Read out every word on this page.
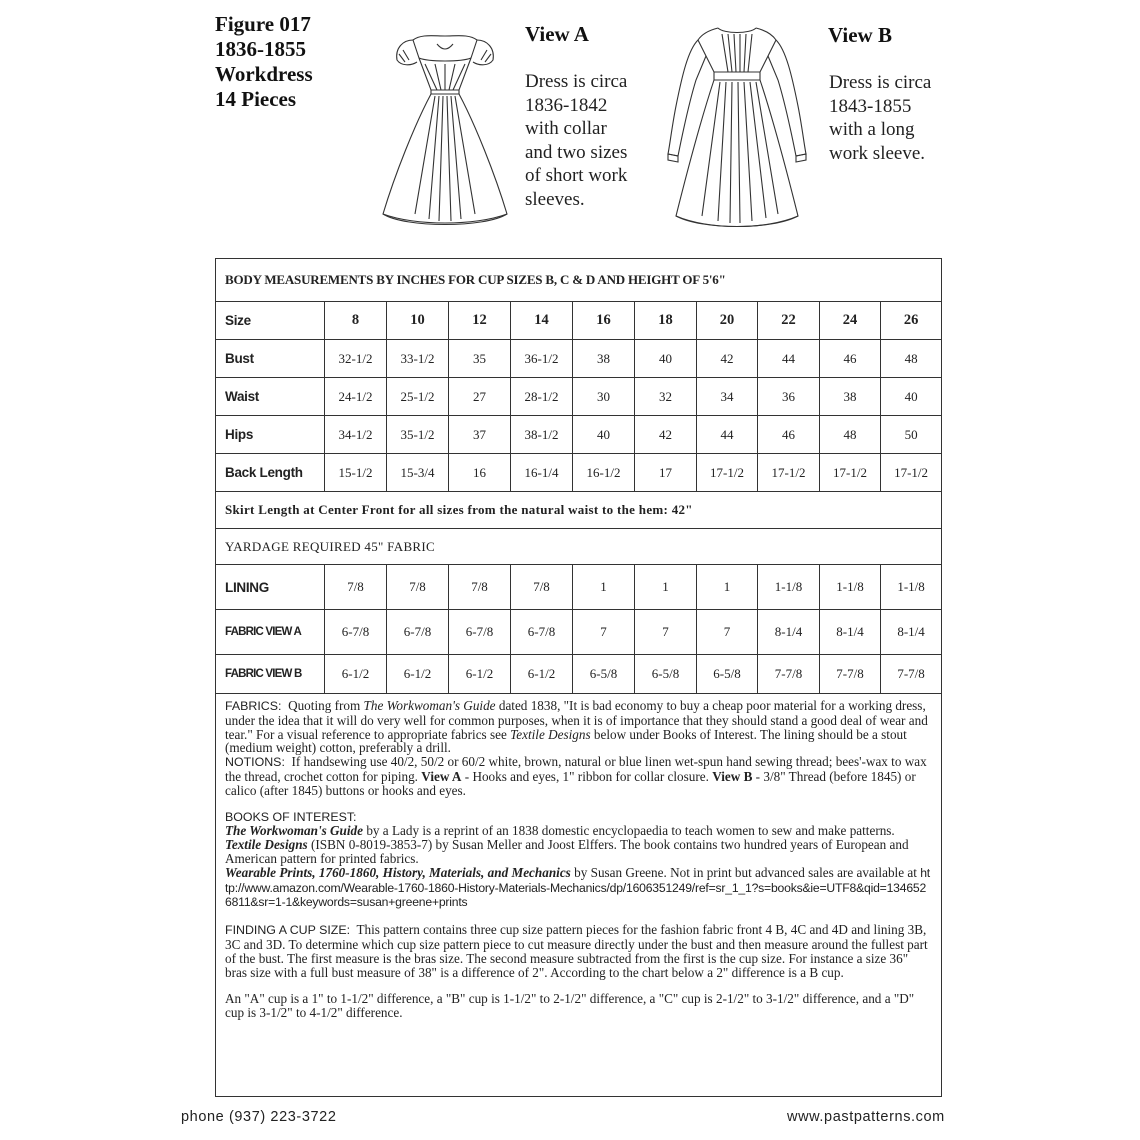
Figure 017
1836-1855
Workdress
14 Pieces
View A
Dress is circa
1836-1842
with collar
and two sizes
of short work
sleeves.
View B
Dress is circa
1843-1855
with a long
work sleeve.
BODY MEASUREMENTS BY INCHES FOR CUP SIZES B, C & D AND HEIGHT OF 5'6"										
Size	8	10	12	14	16	18	20	22	24	26
Bust	32-1/2	33-1/2	35	36-1/2	38	40	42	44	46	48
Waist	24-1/2	25-1/2	27	28-1/2	30	32	34	36	38	40
Hips	34-1/2	35-1/2	37	38-1/2	40	42	44	46	48	50
Back Length	15-1/2	15-3/4	16	16-1/4	16-1/2	17	17-1/2	17-1/2	17-1/2	17-1/2
Skirt Length at Center Front for all sizes from the natural waist to the hem: 42"										
YARDAGE REQUIRED 45" FABRIC										
LINING	7/8	7/8	7/8	7/8	1	1	1	1-1/8	1-1/8	1-1/8
FABRIC VIEW A	6-7/8	6-7/8	6-7/8	6-7/8	7	7	7	8-1/4	8-1/4	8-1/4
FABRIC VIEW B	6-1/2	6-1/2	6-1/2	6-1/2	6-5/8	6-5/8	6-5/8	7-7/8	7-7/8	7-7/8

FABRICS: Quoting from The Workwoman's Guide dated 1838, "It is bad economy to buy a cheap poor material for a working dress, under the idea that it will do very well for common purposes, when it is of importance that they should stand a good deal of wear and tear." For a visual reference to appropriate fabrics see Textile Designs below under Books of Interest. The lining should be a stout (medium weight) cotton, preferably a drill.

NOTIONS: If handsewing use 40/2, 50/2 or 60/2 white, brown, natural or blue linen wet-spun hand sewing thread; bees'-wax to wax the thread, crochet cotton for piping. View A - Hooks and eyes, 1" ribbon for collar closure. View B - 3/8" Thread (before 1845) or calico (after 1845) buttons or hooks and eyes.

BOOKS OF INTEREST:

The Workwoman's Guide by a Lady is a reprint of an 1838 domestic encyclopaedia to teach women to sew and make patterns.

Textile Designs (ISBN 0-8019-3853-7) by Susan Meller and Joost Elffers. The book contains two hundred years of European and American pattern for printed fabrics.

Wearable Prints, 1760-1860, History, Materials, and Mechanics by Susan Greene. Not in print but advanced sales are available at http://www.amazon.com/Wearable-1760-1860-History-Materials-Mechanics/dp/1606351249/ref=sr_1_1?s=books&ie=UTF8&qid=1346526811&sr=1-1&keywords=susan+greene+prints

FINDING A CUP SIZE: This pattern contains three cup size pattern pieces for the fashion fabric front 4 B, 4C and 4D and lining 3B, 3C and 3D. To determine which cup size pattern piece to cut measure directly under the bust and then measure around the fullest part of the bust. The first measure is the bras size. The second measure subtracted from the first is the cup size. For instance a size 36" bras size with a full bust measure of 38" is a difference of 2". According to the chart below a 2" difference is a B cup.

An "A" cup is a 1" to 1-1/2" difference, a "B" cup is 1-1/2" to 2-1/2" difference, a "C" cup is 2-1/2" to 3-1/2" difference, and a "D" cup is 3-1/2" to 4-1/2" difference.

phone (937) 223-3722	www.pastpatterns.com
